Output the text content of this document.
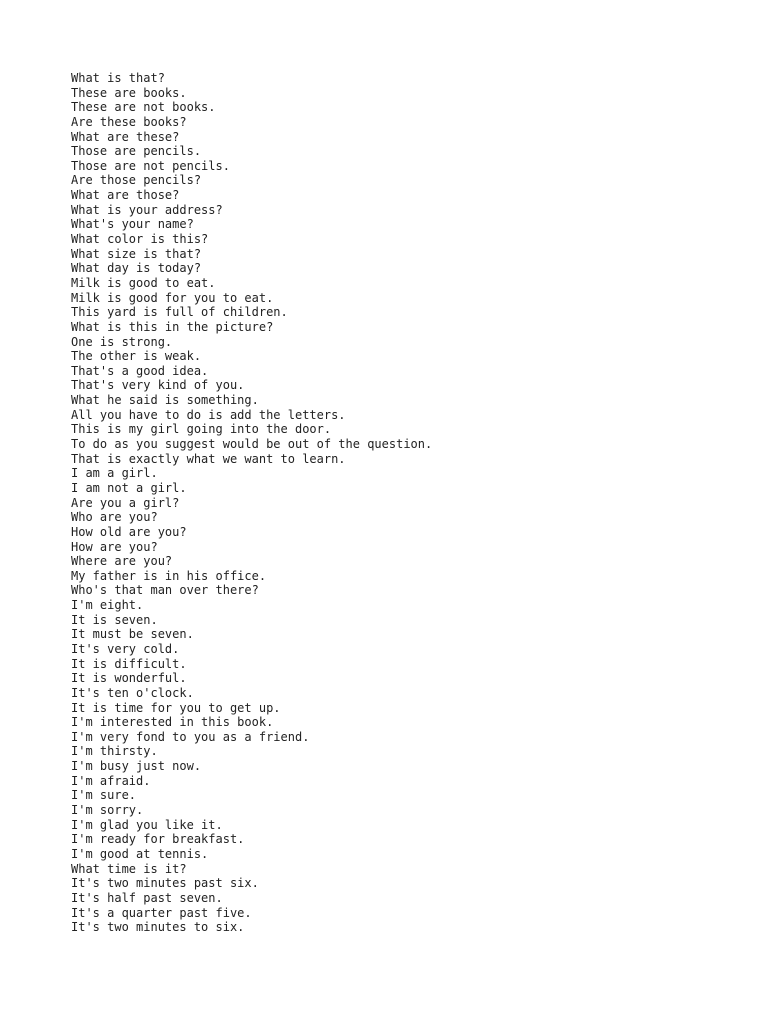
What is that?
These are books.
These are not books.
Are these books?
What are these?
Those are pencils.
Those are not pencils.
Are those pencils?
What are those?
What is your address?
What's your name?
What color is this?
What size is that?
What day is today?
Milk is good to eat.
Milk is good for you to eat.
This yard is full of children.
What is this in the picture?
One is strong.
The other is weak.
That's a good idea.
That's very kind of you.
What he said is something.
All you have to do is add the letters.
This is my girl going into the door.
To do as you suggest would be out of the question.
That is exactly what we want to learn.
I am a girl.
I am not a girl.
Are you a girl?
Who are you?
How old are you?
How are you?
Where are you?
My father is in his office.
Who's that man over there?
I'm eight.
It is seven.
It must be seven.
It's very cold.
It is difficult.
It is wonderful.
It's ten o'clock.
It is time for you to get up.
I'm interested in this book.
I'm very fond to you as a friend.
I'm thirsty.
I'm busy just now.
I'm afraid.
I'm sure.
I'm sorry.
I'm glad you like it.
I'm ready for breakfast.
I'm good at tennis.
What time is it?
It's two minutes past six.
It's half past seven.
It's a quarter past five.
It's two minutes to six.
